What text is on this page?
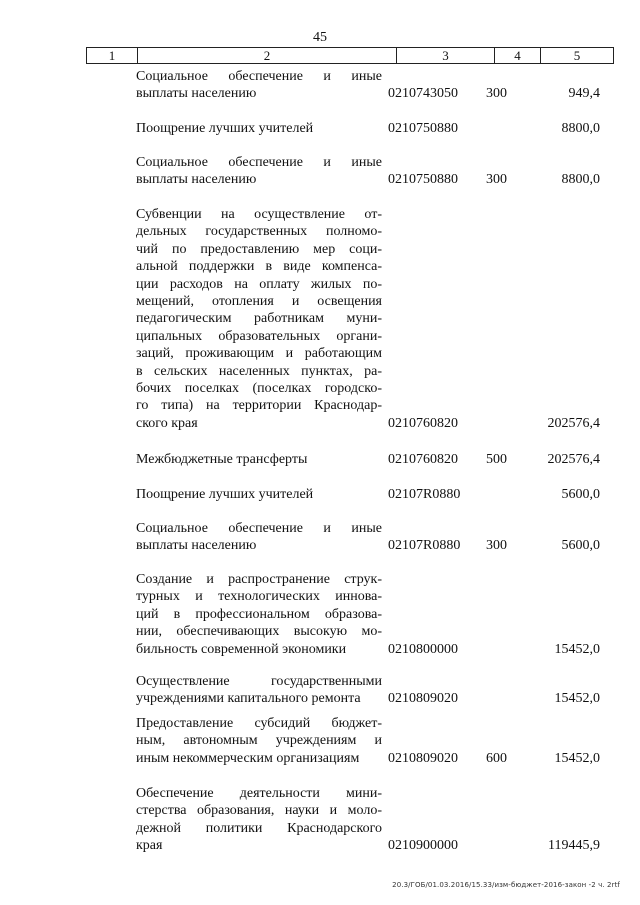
45
1	2	3	4	5
Социальное обеспечение и иные
выплаты населению	0210743050 300	949,4
Поощрение лучших учителей	0210750880	8800,0
Социальное обеспечение и иные
выплаты населению	0210750880 300	8800,0
Субвенции на осуществление от-
дельных государственных полномо-
чий по предоставлению мер соци-
альной поддержки в виде компенса-
ции расходов на оплату жилых по-
мещений, отопления и освещения
педагогическим работникам муни-
ципальных образовательных органи-
заций, проживающим и работающим
в сельских населенных пунктах, ра-
бочих поселках (поселках городско-
го типа) на территории Краснодар-
ского края	0210760820	202576,4
Межбюджетные трансферты	0210760820 500	202576,4
Поощрение лучших учителей	02107R0880	5600,0
Социальное обеспечение и иные
выплаты населению	02107R0880 300	5600,0
Создание и распространение струк-
турных и технологических иннова-
ций в профессиональном образова-
нии, обеспечивающих высокую мо-
бильность современной экономики	0210800000	15452,0
Осуществление государственными
учреждениями капитального ремонта	0210809020	15452,0
Предоставление субсидий бюджет-
ным, автономным учреждениям и
иным некоммерческим организациям	0210809020 600	15452,0
Обеспечение деятельности мини-
стерства образования, науки и моло-
дежной политики Краснодарского
края	0210900000	119445,9
20.3/ГОБ/01.03.2016/15.33/изм-бюджет-2016-закон -2 ч. 2rtf
